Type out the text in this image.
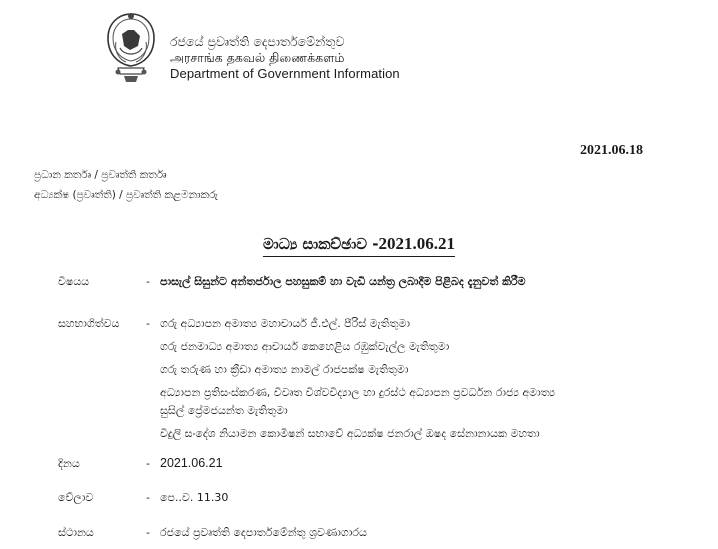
රජයේ ප්‍රවෘත්ති දෙපාර්තමේන්තුව
அரசாங்க தகவல் திணைக்களம்
Department of Government Information
2021.06.18
ප්‍රධාන කර්තෘ / ප්‍රවෘත්ති කර්තෘ
අධ්‍යක්ෂ (ප්‍රවෘත්ති) / ප්‍රවෘත්ති කළමනාකරු
මාධ්‍ය සාකච්ඡාව -2021.06.21
විෂයය	- පාසැල් සිසුන්ට අන්තර්ජාල පහසුකම් හා වැඩි යන්ත්‍ර ලබාදීම පිළිබද දැනුවත් කිරීම
සහභාගිත්වය - ගරු අධ්‍යාපන අමාත්‍ය මහාචාර්ය ජී.එල්. පීරිස් මැතිතුමා
ගරු ජනමාධ්‍ය අමාත්‍ය ආචාර්ය කෙහෙළිය රඹුක්වැල්ල මැතිතුමා
ගරු තරුණ හා ක්‍රීඩා අමාත්‍ය නාමල් රාජපක්ෂ මැතිතුමා
අධ්‍යාපන ප්‍රතිසංස්කරණ, විවෘත විශ්වවිද්‍යාල හා දුරස්ථ අධ්‍යාපන ප්‍රවර්ධන රාජ්‍ය අමාත්‍ය
සුසිල් ප්‍රේමජයන්ත මැතිතුමා
විදුලි සංදේශ නියාමන කොමිෂන් සභාවේ අධ්‍යක්ෂ ජනරාල් ඔෂද සේනානායක මහතා
දිනය	- 2021.06.21
වේලාව	- පෙ..ව. 11.30
ස්ථානය	- රජයේ ප්‍රවෘත්ති දෙපාර්තමේන්තු ශ්‍රවණාගාරය
